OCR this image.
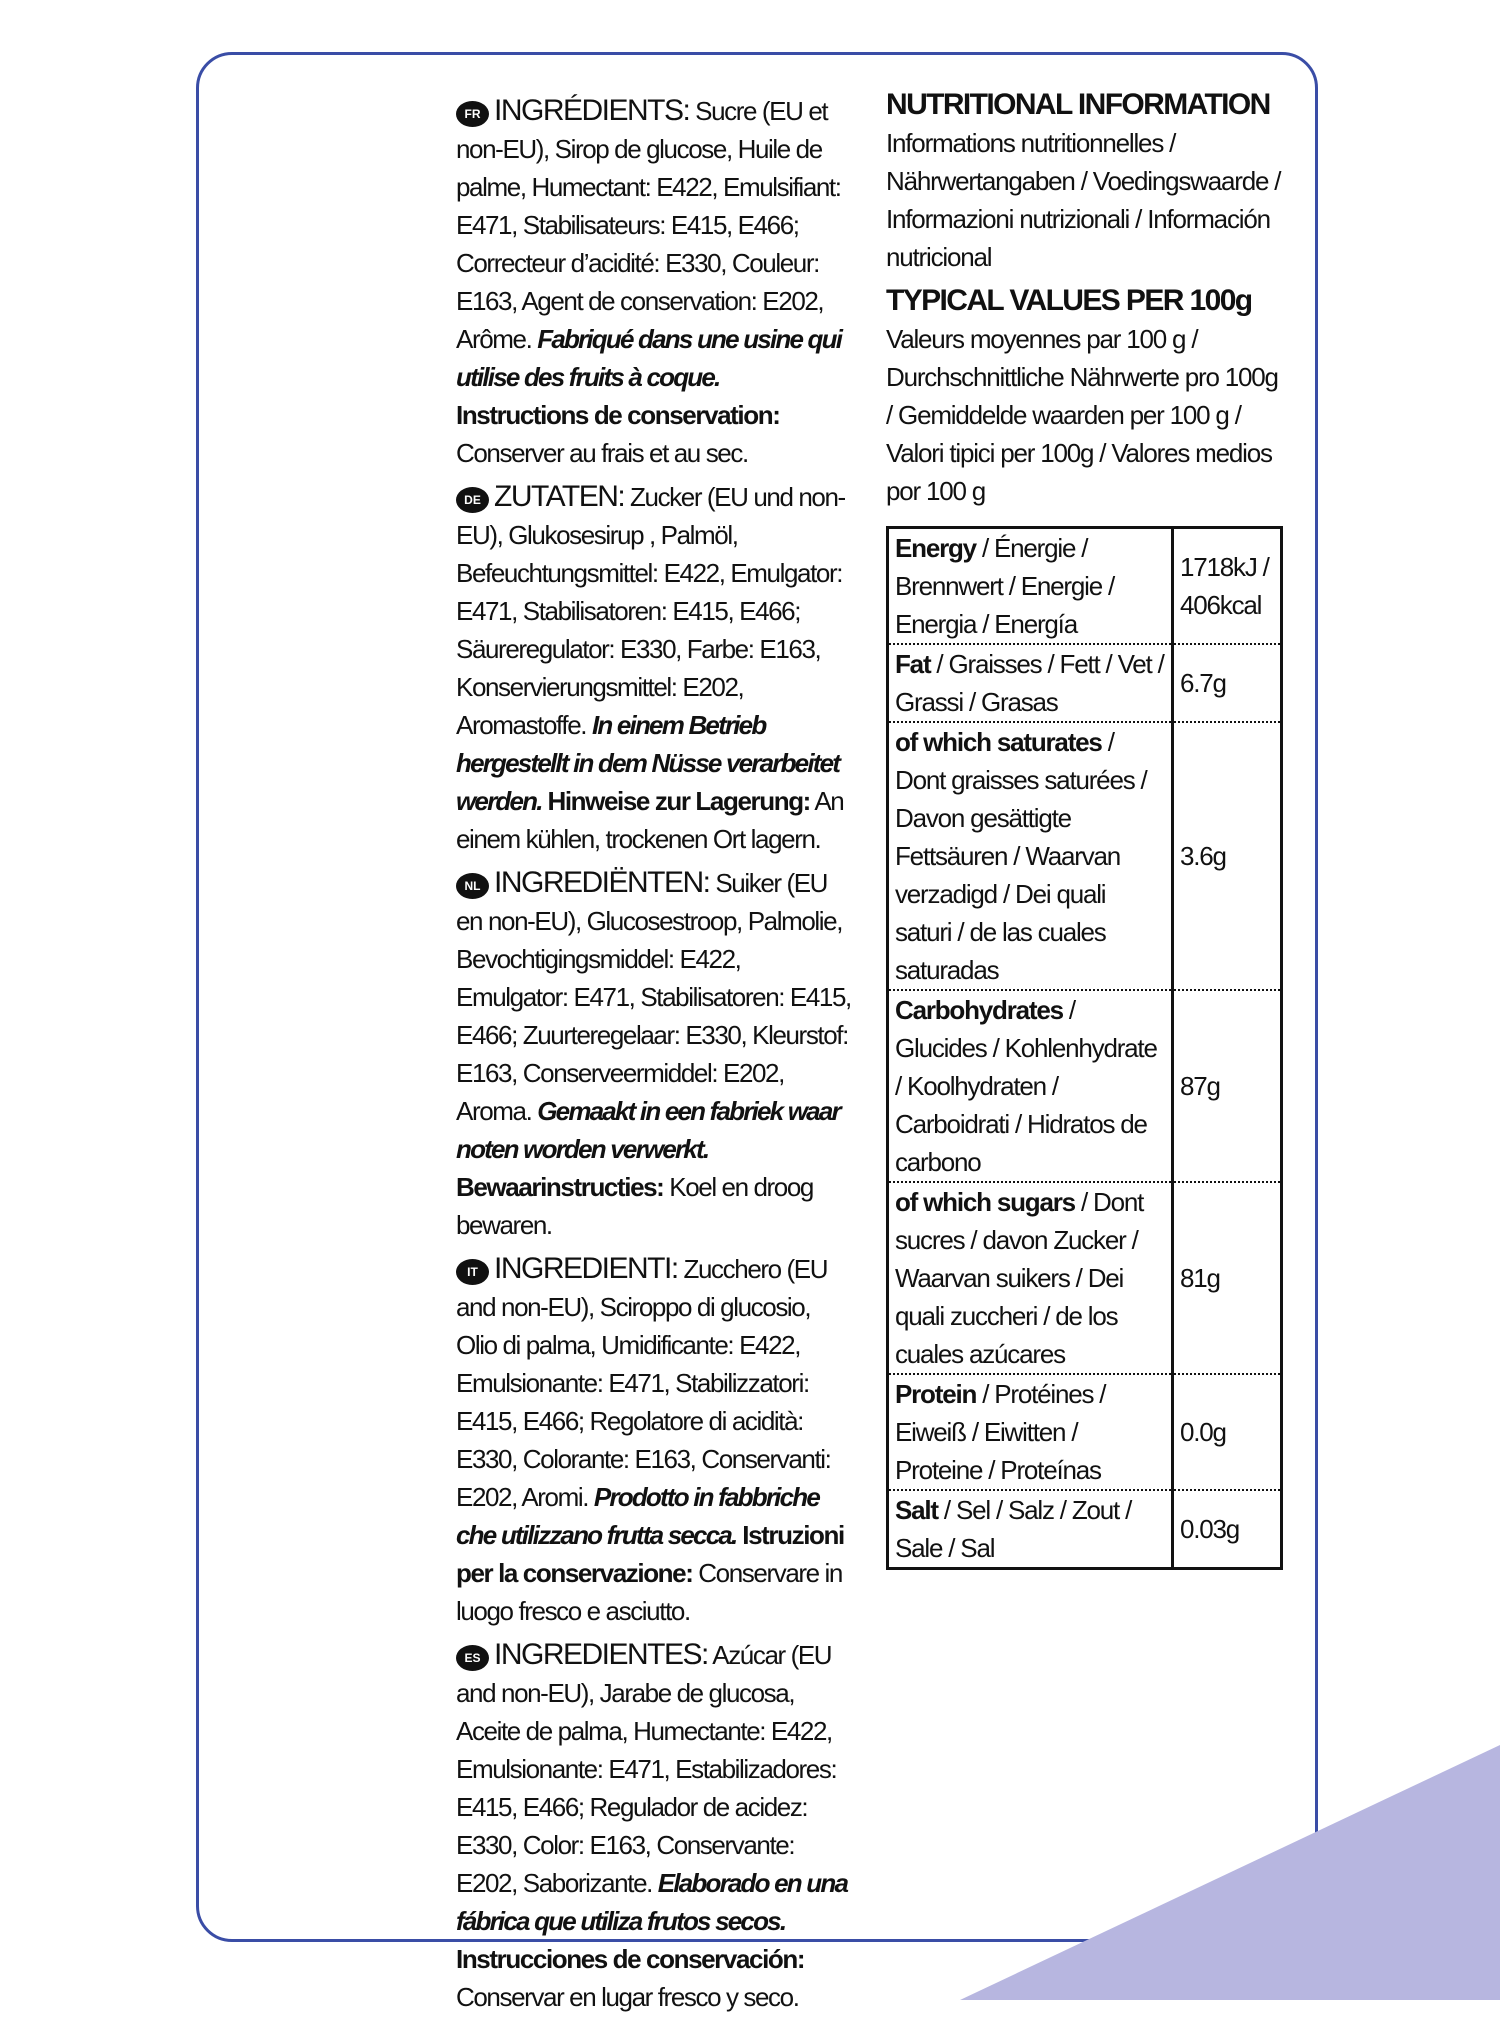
FR INGRÉDIENTS: Sucre (EU et non-EU), Sirop de glucose, Huile de palme, Humectant: E422, Emulsifiant: E471, Stabilisateurs: E415, E466; Correcteur d’acidité: E330, Couleur: E163, Agent de conservation: E202, Arôme. Fabriqué dans une usine qui utilise des fruits à coque. Instructions de conservation: Conserver au frais et au sec.
DE ZUTATEN: Zucker (EU und non-EU), Glukosesirup , Palmöl, Befeuchtungsmittel: E422, Emulgator: E471, Stabilisatoren: E415, E466; Säureregulator: E330, Farbe: E163, Konservierungsmittel: E202, Aromastoffe. In einem Betrieb hergestellt in dem Nüsse verarbeitet werden. Hinweise zur Lagerung: An einem kühlen, trockenen Ort lagern.
NL INGREDIËNTEN: Suiker (EU en non-EU), Glucosestroop, Palmolie, Bevochtigingsmiddel: E422, Emulgator: E471, Stabilisatoren: E415, E466; Zuurteregelaar: E330, Kleurstof: E163, Conserveermiddel: E202, Aroma. Gemaakt in een fabriek waar noten worden verwerkt. Bewaarinstructies: Koel en droog bewaren.
IT INGREDIENTI: Zucchero (EU and non-EU), Sciroppo di glucosio, Olio di palma, Umidificante: E422, Emulsionante: E471, Stabilizzatori: E415, E466; Regolatore di acidità: E330, Colorante: E163, Conservanti: E202, Aromi. Prodotto in fabbriche che utilizzano frutta secca. Istruzioni per la conservazione: Conservare in luogo fresco e asciutto.
ES INGREDIENTES: Azúcar (EU and non-EU), Jarabe de glucosa, Aceite de palma, Humectante: E422, Emulsionante: E471, Estabilizadores: E415, E466; Regulador de acidez: E330, Color: E163, Conservante: E202, Saborizante. Elaborado en una fábrica que utiliza frutos secos. Instrucciones de conservación: Conservar en lugar fresco y seco.
NUTRITIONAL INFORMATION
Informations nutritionnelles / Nährwertangaben / Voedingswaarde / Informazioni nutrizionali / Información nutricional
TYPICAL VALUES PER 100g
Valeurs moyennes par 100 g / Durchschnittliche Nährwerte pro 100g / Gemiddelde waarden per 100 g / Valori tipici per 100g / Valores medios por 100 g
Energy / Énergie / Brennwert / Energie / Energia / Energía	1718kJ / 406kcal
Fat / Graisses / Fett / Vet / Grassi / Grasas	6.7g
of which saturates / Dont graisses saturées / Davon gesättigte Fettsäuren / Waarvan verzadigd / Dei quali saturi / de las cuales saturadas	3.6g
Carbohydrates / Glucides / Kohlenhydrate / Koolhydraten / Carboidrati / Hidratos de carbono	87g
of which sugars / Dont sucres / davon Zucker / Waarvan suikers / Dei quali zuccheri / de los cuales azúcares	81g
Protein / Protéines / Eiweiß / Eiwitten / Proteine / Proteínas	0.0g
Salt / Sel / Salz / Zout / Sale / Sal	0.03g
